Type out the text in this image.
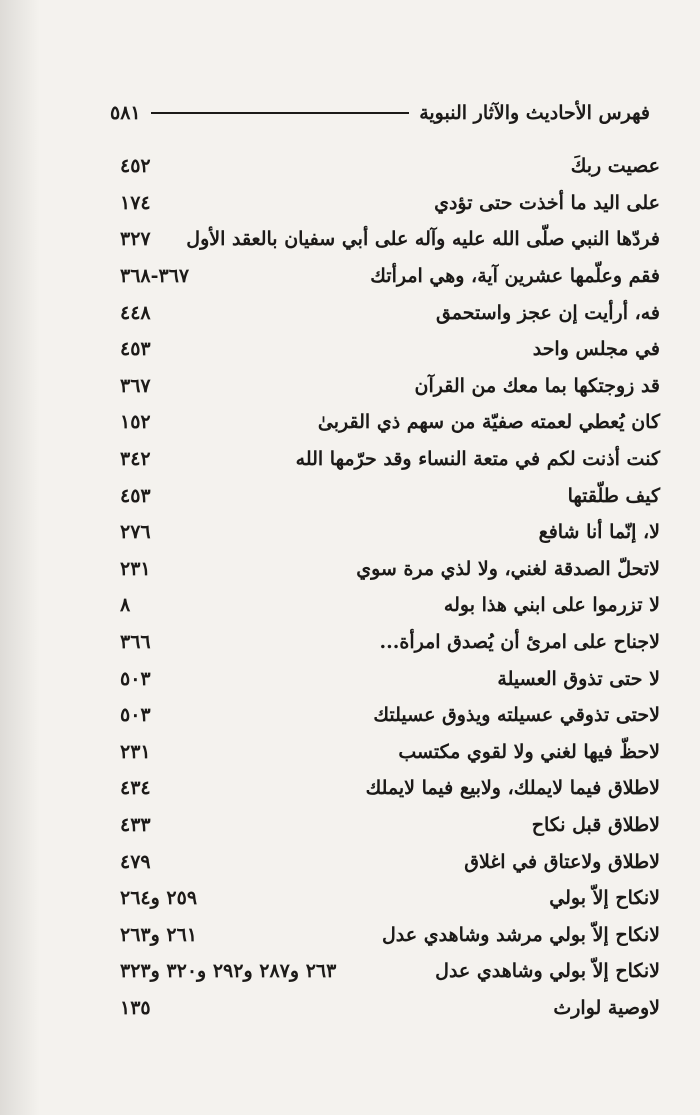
فهرس الأحاديث والآثار النبوية
٥٨١
عصيت ربكَ
٤٥٢
على اليد ما أخذت حتى تؤدي
١٧٤
فردّها النبي صلّى الله عليه وآله على أبي سفيان بالعقد الأول
٣٢٧
فقم وعلّمها عشرين آية، وهي امرأتك
٣٦٧-٣٦٨
فه، أرأيت إن عجز واستحمق
٤٤٨
في مجلس واحد
٤٥٣
قد زوجتكها بما معك من القرآن
٣٦٧
كان يُعطي لعمته صفيّة من سهم ذي القربىٰ
١٥٢
كنت أذنت لكم في متعة النساء وقد حرّمها الله
٣٤٢
كيف طلّقتها
٤٥٣
لا، إنّما أنا شافع
٢٧٦
لاتحلّ الصدقة لغني، ولا لذي مرة سوي
٢٣١
لا تزرموا على ابني هذا بوله
٨
لاجناح على امرئ أن يُصدق امرأة...
٣٦٦
لا حتى تذوق العسيلة
٥٠٣
لاحتى تذوقي عسيلته ويذوق عسيلتك
٥٠٣
لاحظّ فيها لغني ولا لقوي مكتسب
٢٣١
لاطلاق فيما لايملك، ولابيع فيما لايملك
٤٣٤
لاطلاق قبل نكاح
٤٣٣
لاطلاق ولاعتاق في اغلاق
٤٧٩
لانكاح إلاّ بولي
٢٥٩ و٢٦٤
لانكاح إلاّ بولي مرشد وشاهدي عدل
٢٦١ و٢٦٣
لانكاح إلاّ بولي وشاهدي عدل
٢٦٣ و٢٨٧ و٢٩٢ و٣٢٠ و٣٢٣
لاوصية لوارث
١٣٥
